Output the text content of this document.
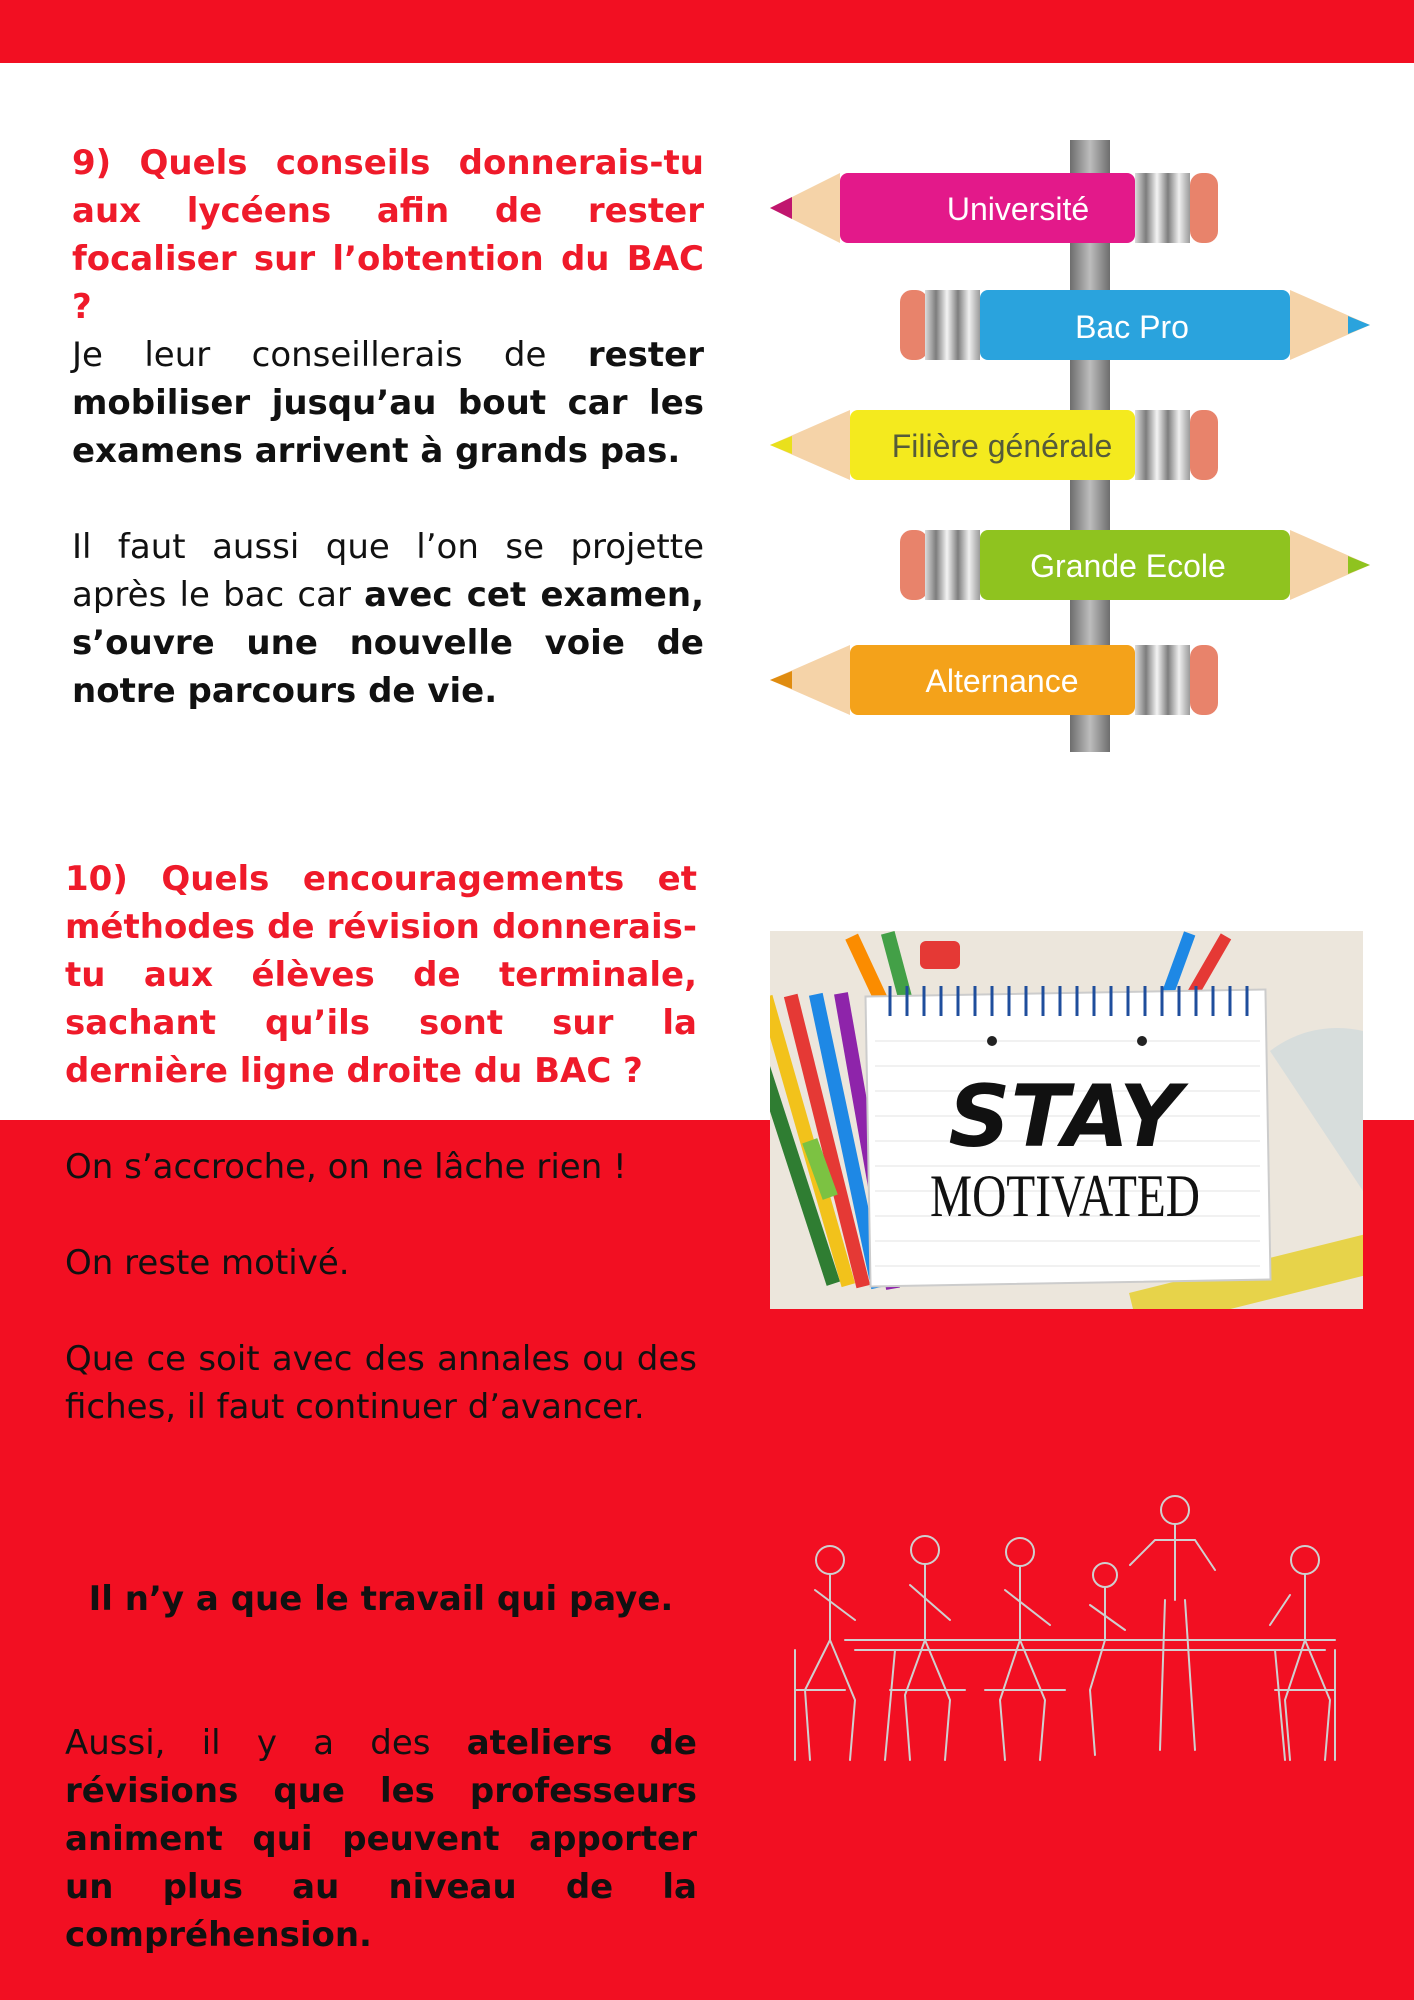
9) Quels conseils donnerais-tu aux lycéens afin de rester focaliser sur l’obtention du BAC ?

Je leur conseillerais de rester mobiliser jusqu’au bout car les examens arrivent à grands pas.

Il faut aussi que l’on se projette après le bac car avec cet examen, s’ouvre une nouvelle voie de notre parcours de vie.

Université
Bac Pro
Filière générale
Grande Ecole
Alternance

10) Quels encouragements et méthodes de révision donnerais-tu aux élèves de terminale, sachant qu’ils sont sur la dernière ligne droite du BAC ?

On s’accroche, on ne lâche rien !

On reste motivé.

Que ce soit avec des annales ou des fiches, il faut continuer d’avancer.

Il n’y a que le travail qui paye.

Aussi, il y a des ateliers de révisions que les professeurs animent qui peuvent apporter un plus au niveau de la compréhension.

STAY
MOTIVATED
